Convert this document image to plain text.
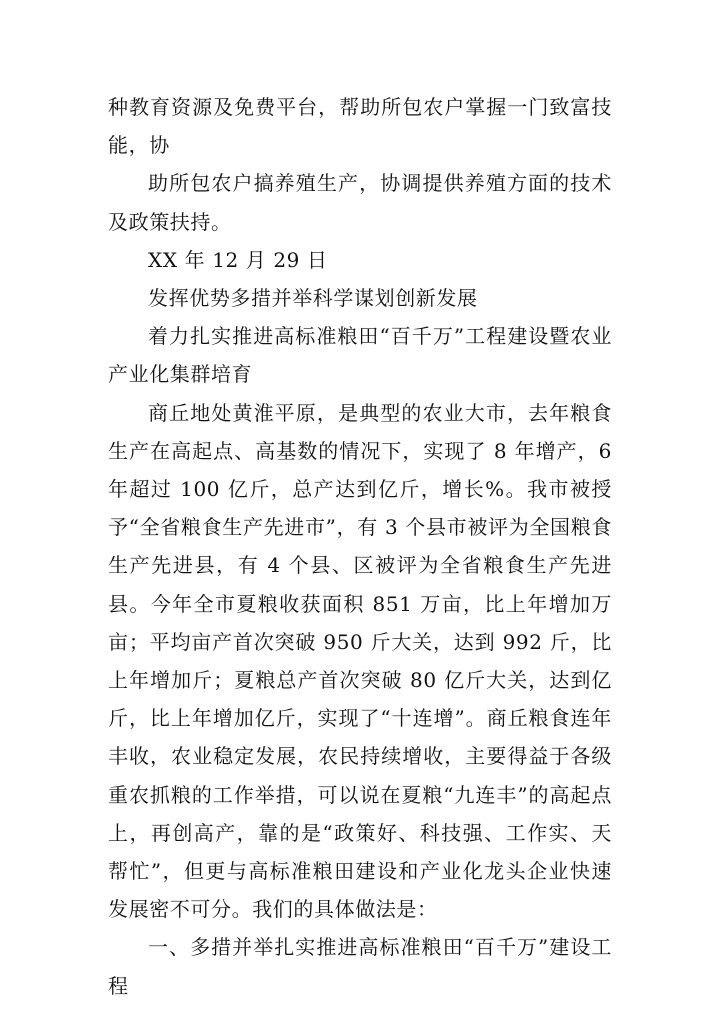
种教育资源及免费平台，帮助所包农户掌握一门致富技能，协

助所包农户搞养殖生产，协调提供养殖方面的技术及政策扶持。

XX 年 12 月 29 日

发挥优势多措并举科学谋划创新发展

着力扎实推进高标准粮田“百千万”工程建设暨农业产业化集群培育

商丘地处黄淮平原，是典型的农业大市，去年粮食生产在高起点、高基数的情况下，实现了 8 年增产，6 年超过 100 亿斤，总产达到亿斤，增长%。我市被授予“全省粮食生产先进市”，有 3 个县市被评为全国粮食生产先进县，有 4 个县、区被评为全省粮食生产先进县。今年全市夏粮收获面积 851 万亩，比上年增加万亩；平均亩产首次突破 950 斤大关，达到 992 斤，比上年增加斤；夏粮总产首次突破 80 亿斤大关，达到亿斤，比上年增加亿斤，实现了“十连增”。商丘粮食连年丰收，农业稳定发展，农民持续增收，主要得益于各级重农抓粮的工作举措，可以说在夏粮“九连丰”的高起点上，再创高产，靠的是“政策好、科技强、工作实、天帮忙”，但更与高标准粮田建设和产业化龙头企业快速发展密不可分。我们的具体做法是：

一、多措并举扎实推进高标准粮田“百千万”建设工程
